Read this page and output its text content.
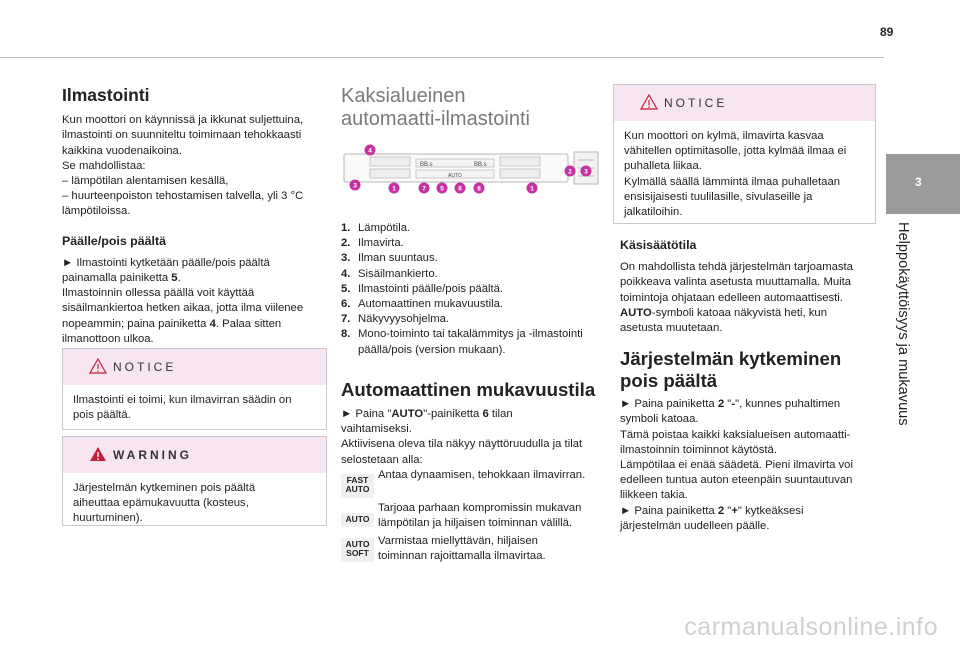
89
Ilmastointi

Kun moottori on käynnissä ja ikkunat suljettuina,

ilmastointi on suunniteltu toimimaan tehokkaasti

kaikkina vuodenaikoina.

Se mahdollistaa:

– lämpötilan alentamisen kesällä,

– huurteenpoiston tehostamisen talvella, yli 3 °C

lämpötiloissa.

Päälle/pois päältä

► Ilmastointi kytketään päälle/pois päältä

painamalla painiketta 5.

Ilmastoinnin ollessa päällä voit käyttää

sisäilmankiertoa hetken aikaa, jotta ilma viilenee

nopeammin; paina painiketta 4. Palaa sitten

ilmanottoon ulkoa.

NOTICE

Ilmastointi ei toimi, kun ilmavirran säädin on

pois päältä.

WARNING

Järjestelmän kytkeminen pois päältä

aiheuttaa epämukavuutta (kosteus,

huurtuminen).

Kaksialueinen

automaatti-ilmastointi

BB.s	BB.s
AUTO
4
3	1	7 5 6 8	1
2 3
1. Lämpötila.
2. Ilmavirta.
3. Ilman suuntaus.
4. Sisäilmankierto.
5. Ilmastointi päälle/pois päältä.
6. Automaattinen mukavuustila.
7. Näkyvyysohjelma.
8. Mono-toiminto tai takalämmitys ja -ilmastointi
päällä/pois (version mukaan).

Automaattinen mukavuustila

► Paina "AUTO"-painiketta 6 tilan

vaihtamiseksi.

Aktiivisena oleva tila näkyy näyttöruudulla ja tilat

selostetaan alla:

FAST
AUTO

Antaa dynaamisen, tehokkaan ilmavirran.

AUTO

Tarjoaa parhaan kompromissin mukavan

lämpötilan ja hiljaisen toiminnan välillä.

AUTO
SOFT

Varmistaa miellyttävän, hiljaisen

toiminnan rajoittamalla ilmavirtaa.

NOTICE

Kun moottori on kylmä, ilmavirta kasvaa

vähitellen optimitasolle, jotta kylmää ilmaa ei

puhalleta liikaa.

Kylmällä säällä lämmintä ilmaa puhalletaan

ensisijaisesti tuulilasille, sivulaseille ja

jalkatiloihin.

Käsisäätötila

On mahdollista tehdä järjestelmän tarjoamasta

poikkeava valinta asetusta muuttamalla. Muita

toimintoja ohjataan edelleen automaattisesti.

AUTO-symboli katoaa näkyvistä heti, kun

asetusta muutetaan.

Järjestelmän kytkeminen

pois päältä

► Paina painiketta 2 "-", kunnes puhaltimen

symboli katoaa.

Tämä poistaa kaikki kaksialueisen automaatti-

ilmastoinnin toiminnot käytöstä.

Lämpötilaa ei enää säädetä. Pieni ilmavirta voi

edelleen tuntua auton eteenpäin suuntautuvan

liikkeen takia.

► Paina painiketta 2 "+" kytkeäksesi

järjestelmän uudelleen päälle.

3
Helppokäyttöisyys ja mukavuus
carmanualsonline.info
